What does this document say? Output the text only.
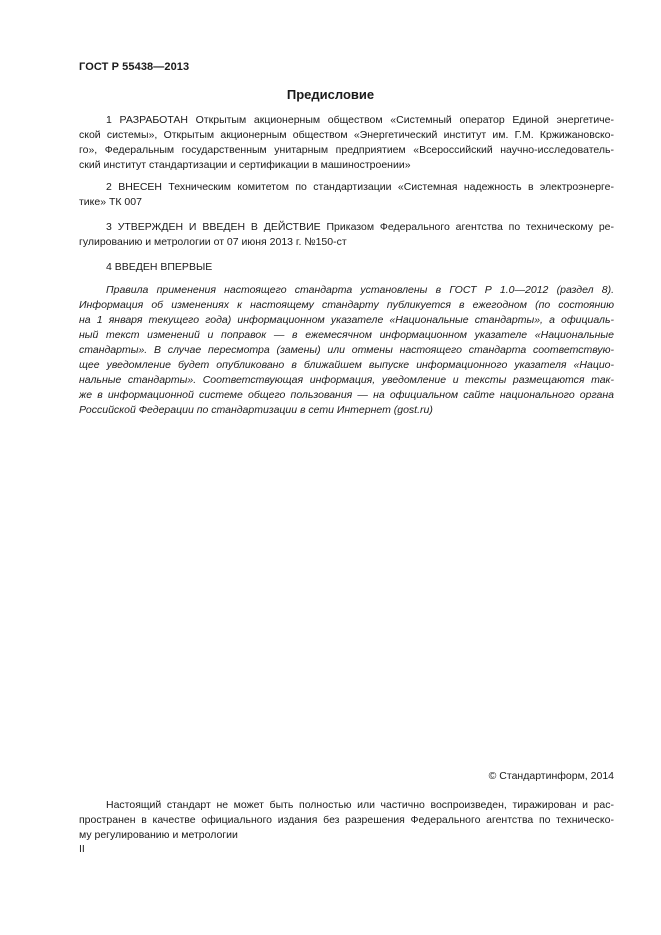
ГОСТ Р 55438—2013
Предисловие
1 РАЗРАБОТАН Открытым акционерным обществом «Системный оператор Единой энергетиче-
ской системы», Открытым акционерным обществом «Энергетический институт им. Г.М. Кржижановско-
го», Федеральным государственным унитарным предприятием «Всероссийский научно-исследователь-
ский институт стандартизации и сертификации в машиностроении»
2 ВНЕСЕН Техническим комитетом по стандартизации «Системная надежность в электроэнерге-
тике» ТК 007
3 УТВЕРЖДЕН И ВВЕДЕН В ДЕЙСТВИЕ Приказом Федерального агентства по техническому ре-
гулированию и метрологии от 07 июня 2013 г. №150-ст
4 ВВЕДЕН ВПЕРВЫЕ
Правила применения настоящего стандарта установлены в ГОСТ Р 1.0—2012 (раздел 8).
Информация об изменениях к настоящему стандарту публикуется в ежегодном (по состоянию
на 1 января текущего года) информационном указателе «Национальные стандарты», а официаль-
ный текст изменений и поправок — в ежемесячном информационном указателе «Национальные
стандарты». В случае пересмотра (замены) или отмены настоящего стандарта соответствую-
щее уведомление будет опубликовано в ближайшем выпуске информационного указателя «Нацио-
нальные стандарты». Соответствующая информация, уведомление и тексты размещаются так-
же в информационной системе общего пользования — на официальном сайте национального органа
Российской Федерации по стандартизации в сети Интернет (gost.ru)
© Стандартинформ, 2014
Настоящий стандарт не может быть полностью или частично воспроизведен, тиражирован и рас-
пространен в качестве официального издания без разрешения Федерального агентства по техническо-
му регулированию и метрологии
II
